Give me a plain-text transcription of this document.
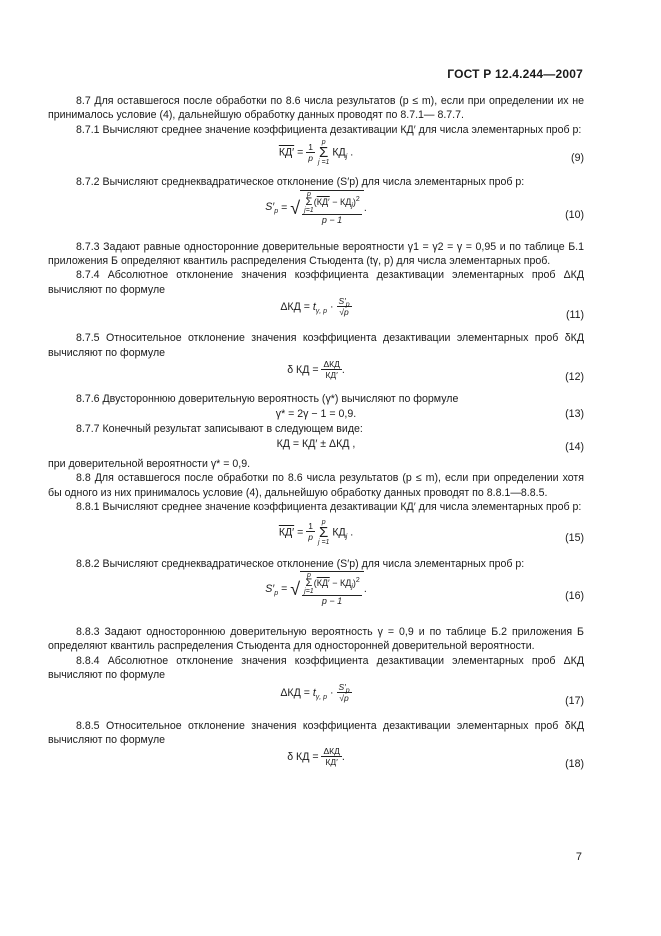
ГОСТ Р 12.4.244—2007

8.7 Для оставшегося после обработки по 8.6 числа результатов (p ≤ m), если при определении их не принималось условие (4), дальнейшую обработку данных проводят по 8.7.1— 8.7.7.

8.7.1 Вычисляют среднее значение коэффициента дезактивации КД′ для числа элементарных проб p:

$КД' = \frac{1}{p}$
p
Σ
j =1
$КД_j$ .	(9)

8.7.2 Вычисляют среднеквадратическое отклонение (S′p) для числа элементарных проб p:

$S'_p$ = √
p
Σ
j=1
$(КД' - КД_j)^2$
p − 1
.
(10)

8.7.3 Задают равные односторонние доверительные вероятности γ1 = γ2 = γ = 0,95 и по таблице Б.1 приложения Б определяют квантиль распределения Стьюдента (tγ, p) для числа элементарных проб.

8.7.4 Абсолютное отклонение значения коэффициента дезактивации элементарных проб ΔКД вычисляют по формуле

$\Delta КД = t_{\gamma, p} \cdot \frac{S'_p}{√p}$	(11)

8.7.5 Относительное отклонение значения коэффициента дезактивации элементарных проб δКД вычисляют по формуле

δ КД = ΔКД
КД′ .
(12)

8.7.6 Двустороннюю доверительную вероятность (γ*) вычисляют по формуле

γ* = 2γ − 1 = 0,9.	(13)

8.7.7 Конечный результат записывают в следующем виде:

КД = КД′ ± ΔКД ,	(14)

при доверительной вероятности γ* = 0,9.

8.8 Для оставшегося после обработки по 8.6 числа результатов (p ≤ m), если при определении хотя бы одного из них принималось условие (4), дальнейшую обработку данных проводят по 8.8.1—8.8.5.

8.8.1 Вычисляют среднее значение коэффициента дезактивации КД′ для числа элементарных проб p:

$КД' = \frac{1}{p}$
p
Σ
j =1
$КД_j$ .	(15)

8.8.2 Вычисляют среднеквадратическое отклонение (S′p) для числа элементарных проб p:

$S'_p$ = √
p
Σ
j=1
$(КД' - КД_j)^2$
p − 1
.
(16)

8.8.3 Задают одностороннюю доверительную вероятность γ = 0,9 и по таблице Б.2 приложения Б определяют квантиль распределения Стьюдента для односторонней доверительной вероятности.

8.8.4 Абсолютное отклонение значения коэффициента дезактивации элементарных проб ΔКД вычисляют по формуле

$\Delta КД = t_{\gamma, p} \cdot \frac{S'_p}{√p}$	(17)

8.8.5 Относительное отклонение значения коэффициента дезактивации элементарных проб δКД вычисляют по формуле

δ КД = ΔКД
КД′ .
(18)
7
